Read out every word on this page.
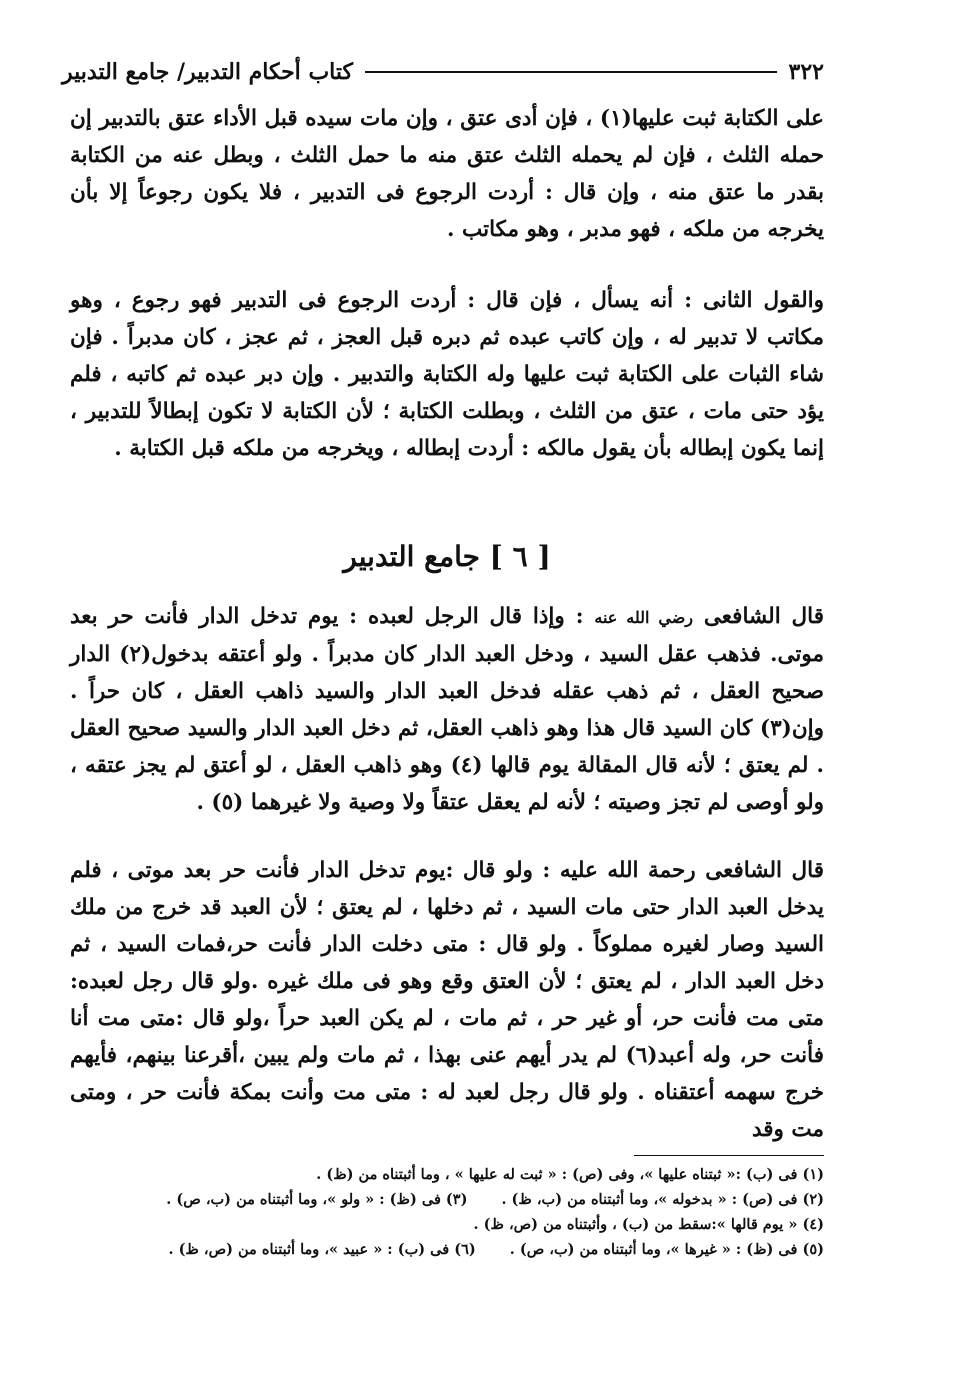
٣٢٢
كتاب أحكام التدبير/ جامع التدبير

على الكتابة ثبت عليها(١) ، فإن أدى عتق ، وإن مات سيده قبل الأداء عتق بالتدبير إن حمله الثلث ، فإن لم يحمله الثلث عتق منه ما حمل الثلث ، وبطل عنه من الكتابة بقدر ما عتق منه ، وإن قال : أردت الرجوع فى التدبير ، فلا يكون رجوعاً إلا بأن يخرجه من ملكه ، فهو مدبر ، وهو مكاتب .

والقول الثانى : أنه يسأل ، فإن قال : أردت الرجوع فى التدبير فهو رجوع ، وهو مكاتب لا تدبير له ، وإن كاتب عبده ثم دبره قبل العجز ، ثم عجز ، كان مدبراً . فإن شاء الثبات على الكتابة ثبت عليها وله الكتابة والتدبير . وإن دبر عبده ثم كاتبه ، فلم يؤد حتى مات ، عتق من الثلث ، وبطلت الكتابة ؛ لأن الكتابة لا تكون إبطالاً للتدبير ، إنما يكون إبطاله بأن يقول مالكه : أردت إبطاله ، ويخرجه من ملكه قبل الكتابة .

[ ٦ ] جامع التدبير

قال الشافعى رضي الله عنه : وإذا قال الرجل لعبده : يوم تدخل الدار فأنت حر بعد موتى. فذهب عقل السيد ، ودخل العبد الدار كان مدبراً . ولو أعتقه بدخول(٢) الدار صحيح العقل ، ثم ذهب عقله فدخل العبد الدار والسيد ذاهب العقل ، كان حراً . وإن(٣) كان السيد قال هذا وهو ذاهب العقل، ثم دخل العبد الدار والسيد صحيح العقل . لم يعتق ؛ لأنه قال المقالة يوم قالها (٤) وهو ذاهب العقل ، لو أعتق لم يجز عتقه ، ولو أوصى لم تجز وصيته ؛ لأنه لم يعقل عتقاً ولا وصية ولا غيرهما (٥) .

قال الشافعى رحمة الله عليه : ولو قال :يوم تدخل الدار فأنت حر بعد موتى ، فلم يدخل العبد الدار حتى مات السيد ، ثم دخلها ، لم يعتق ؛ لأن العبد قد خرج من ملك السيد وصار لغيره مملوكاً . ولو قال : متى دخلت الدار فأنت حر،فمات السيد ، ثم دخل العبد الدار ، لم يعتق ؛ لأن العتق وقع وهو فى ملك غيره .ولو قال رجل لعبده: متى مت فأنت حر، أو غير حر ، ثم مات ، لم يكن العبد حراً ،ولو قال :متى مت أنا فأنت حر، وله أعبد(٦) لم يدر أيهم عنى بهذا ، ثم مات ولم يبين ،أقرعنا بينهم، فأيهم خرج سهمه أعتقناه . ولو قال رجل لعبد له : متى مت وأنت بمكة فأنت حر ، ومتى مت وقد

(١) فى (ب) :« ثبتناه عليها »، وفى (ص) : « ثبت له عليها » ، وما أثبتناه من (ظ) .
(٢) فى (ص) : « بدخوله »، وما أثبتناه من (ب، ظ) .(٣) فى (ظ) : « ولو »، وما أثبتناه من (ب، ص) .
(٤) « يوم قالها »:سقط من (ب) ، وأثبتناه من (ص، ظ) .
(٥) فى (ظ) : « غيرها »، وما أثبتناه من (ب، ص) .(٦) فى (ب) : « عبيد »، وما أثبتناه من (ص، ظ) .
